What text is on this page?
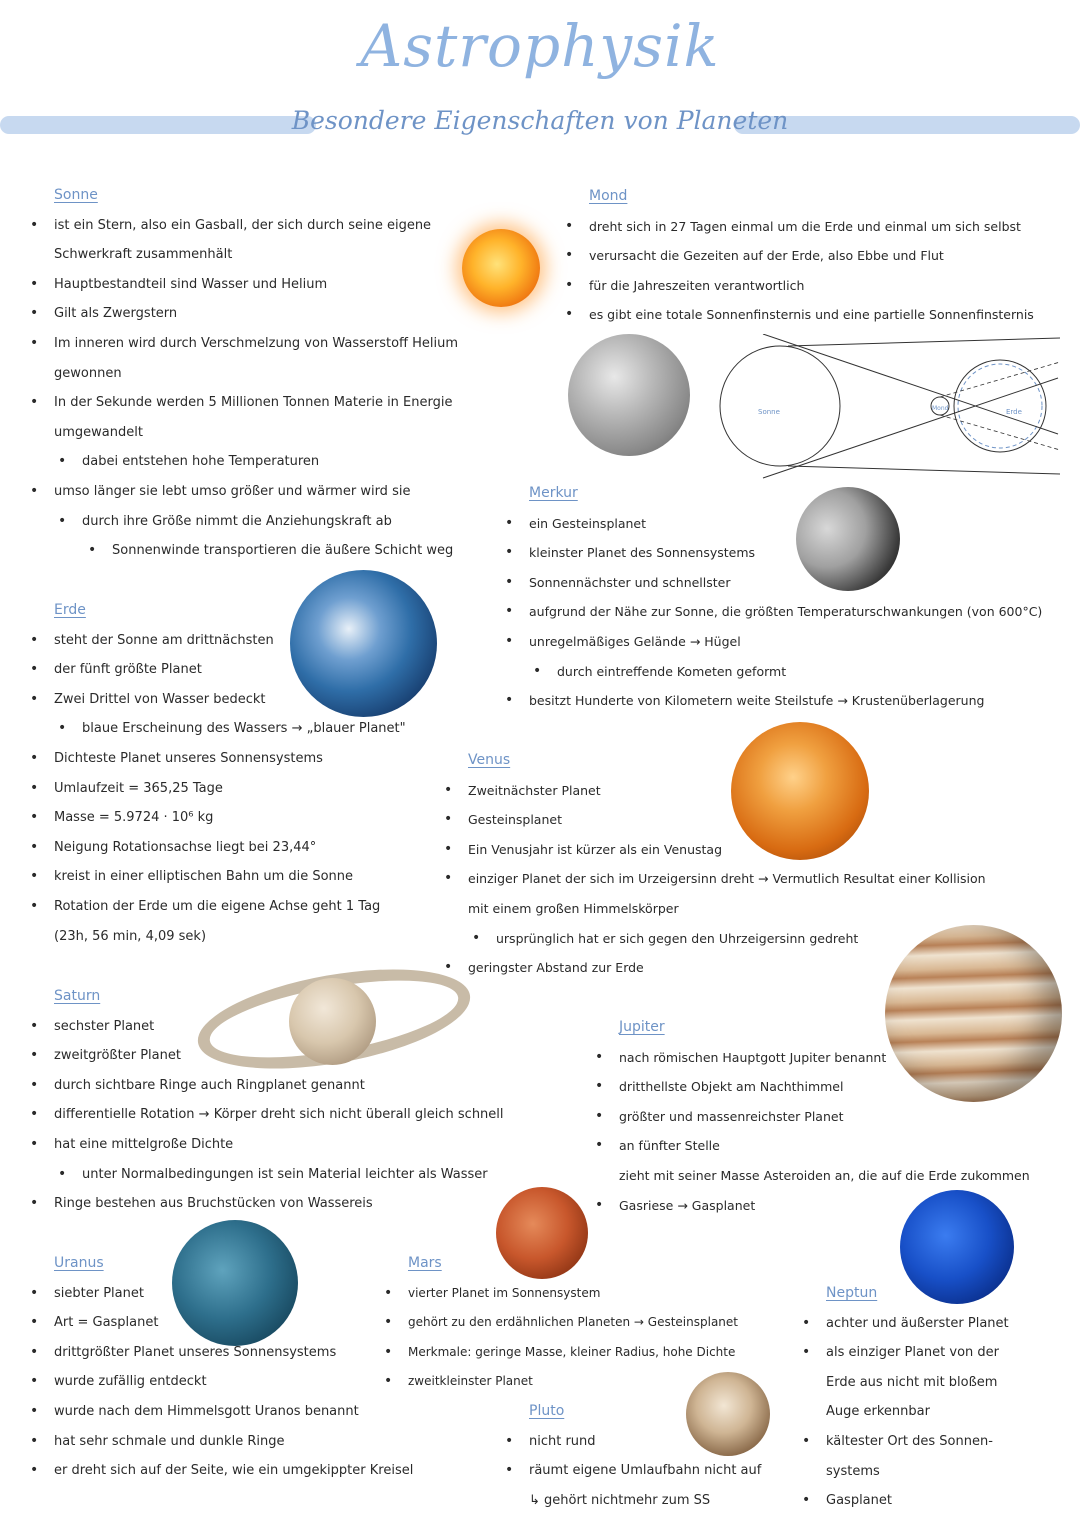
Astrophysik
Besondere Eigenschaften von Planeten
Sonne	Mond	Erde
Sonne
• ist ein Stern, also ein Gasball, der sich durch seine eigene
Schwerkraft zusammenhält
• Hauptbestandteil sind Wasser und Helium
• Gilt als Zwergstern
• Im inneren wird durch Verschmelzung von Wasserstoff Helium
gewonnen
• In der Sekunde werden 5 Millionen Tonnen Materie in Energie
umgewandelt
• dabei entstehen hohe Temperaturen
• umso länger sie lebt umso größer und wärmer wird sie
• durch ihre Größe nimmt die Anziehungskraft ab
• Sonnenwinde transportieren die äußere Schicht weg
Mond
• dreht sich in 27 Tagen einmal um die Erde und einmal um sich selbst
• verursacht die Gezeiten auf der Erde, also Ebbe und Flut
• für die Jahreszeiten verantwortlich
• es gibt eine totale Sonnenfinsternis und eine partielle Sonnenfinsternis
Merkur
• ein Gesteinsplanet
• kleinster Planet des Sonnensystems
• Sonnennächster und schnellster
• aufgrund der Nähe zur Sonne, die größten Temperaturschwankungen (von 600°C)
• unregelmäßiges Gelände → Hügel
• durch eintreffende Kometen geformt
• besitzt Hunderte von Kilometern weite Steilstufe → Krustenüberlagerung
Erde
• steht der Sonne am drittnächsten
• der fünft größte Planet
• Zwei Drittel von Wasser bedeckt
• blaue Erscheinung des Wassers → „blauer Planet"
• Dichteste Planet unseres Sonnensystems
• Umlaufzeit = 365,25 Tage
• Masse = 5.9724 · 10⁶ kg
• Neigung Rotationsachse liegt bei 23,44°
• kreist in einer elliptischen Bahn um die Sonne
• Rotation der Erde um die eigene Achse geht 1 Tag
(23h, 56 min, 4,09 sek)
Venus
• Zweitnächster Planet
• Gesteinsplanet
• Ein Venusjahr ist kürzer als ein Venustag
• einziger Planet der sich im Urzeigersinn dreht → Vermutlich Resultat einer Kollision
mit einem großen Himmelskörper
• ursprünglich hat er sich gegen den Uhrzeigersinn gedreht
• geringster Abstand zur Erde
Saturn
• sechster Planet
• zweitgrößter Planet
• durch sichtbare Ringe auch Ringplanet genannt
• differentielle Rotation → Körper dreht sich nicht überall gleich schnell
• hat eine mittelgroße Dichte
• unter Normalbedingungen ist sein Material leichter als Wasser
• Ringe bestehen aus Bruchstücken von Wassereis
Jupiter
• nach römischen Hauptgott Jupiter benannt
• dritthellste Objekt am Nachthimmel
• größter und massenreichster Planet
• an fünfter Stelle
zieht mit seiner Masse Asteroiden an, die auf die Erde zukommen
• Gasriese → Gasplanet
Uranus
• siebter Planet
• Art = Gasplanet
• drittgrößter Planet unseres Sonnensystems
• wurde zufällig entdeckt
• wurde nach dem Himmelsgott Uranos benannt
• hat sehr schmale und dunkle Ringe
• er dreht sich auf der Seite, wie ein umgekippter Kreisel
Mars
• vierter Planet im Sonnensystem
• gehört zu den erdähnlichen Planeten → Gesteinsplanet
• Merkmale: geringe Masse, kleiner Radius, hohe Dichte
• zweitkleinster Planet
Pluto
• nicht rund
• räumt eigene Umlaufbahn nicht auf
↳ gehört nichtmehr zum SS
Neptun
• achter und äußerster Planet
• als einziger Planet von der
Erde aus nicht mit bloßem
Auge erkennbar
• kältester Ort des Sonnen-
systems
• Gasplanet
